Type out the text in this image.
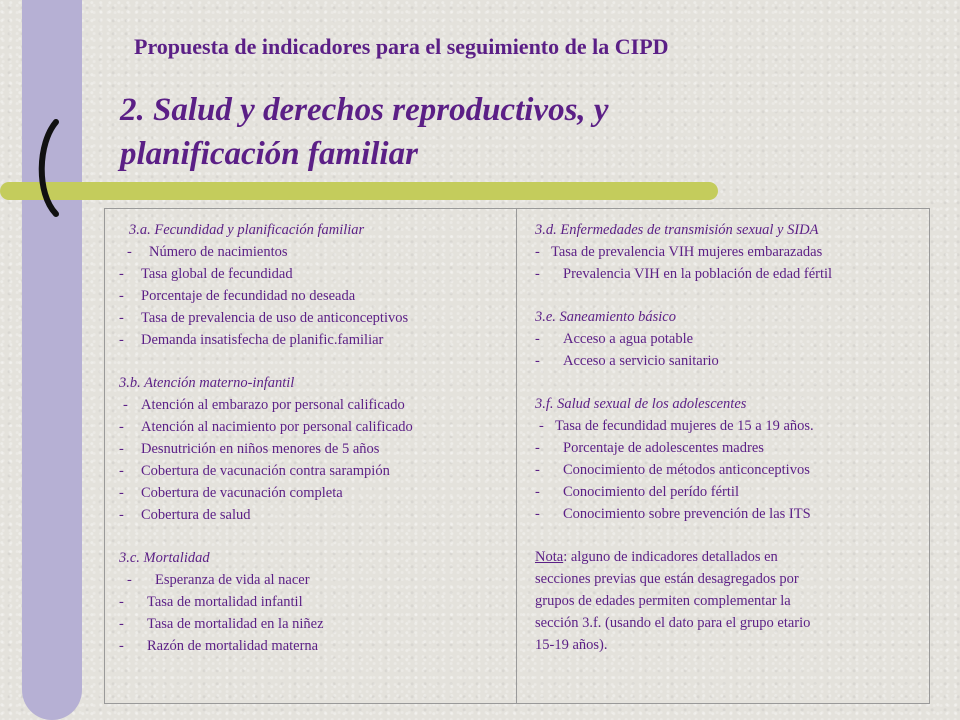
Propuesta de indicadores para el seguimiento de la CIPD
2. Salud y derechos reproductivos, y
planificación familiar
3.a. Fecundidad y planificación familiar
- Número de nacimientos
- Tasa global de fecundidad
- Porcentaje de fecundidad no deseada
- Tasa de prevalencia de uso de anticonceptivos
- Demanda insatisfecha de planific.familiar
3.b. Atención materno-infantil
- Atención al embarazo por personal calificado
- Atención al nacimiento por personal calificado
- Desnutrición en niños menores de 5 años
- Cobertura de vacunación contra sarampión
- Cobertura de vacunación completa
- Cobertura de salud
3.c. Mortalidad
- Esperanza de vida al nacer
- Tasa de mortalidad infantil
- Tasa de mortalidad en la niñez
- Razón de mortalidad materna
3.d. Enfermedades de transmisión sexual y SIDA
- Tasa de prevalencia VIH mujeres embarazadas
- Prevalencia VIH en la población de edad fértil
3.e. Saneamiento básico
- Acceso a agua potable
- Acceso a servicio sanitario
3.f. Salud sexual de los adolescentes
- Tasa de fecundidad mujeres de 15 a 19 años.
- Porcentaje de adolescentes madres
- Conocimiento de métodos anticonceptivos
- Conocimiento del perído fértil
- Conocimiento sobre prevención de las ITS
Nota: alguno de indicadores detallados en
secciones previas que están desagregados por
grupos de edades permiten complementar la
sección 3.f. (usando el dato para el grupo etario
15-19 años).
